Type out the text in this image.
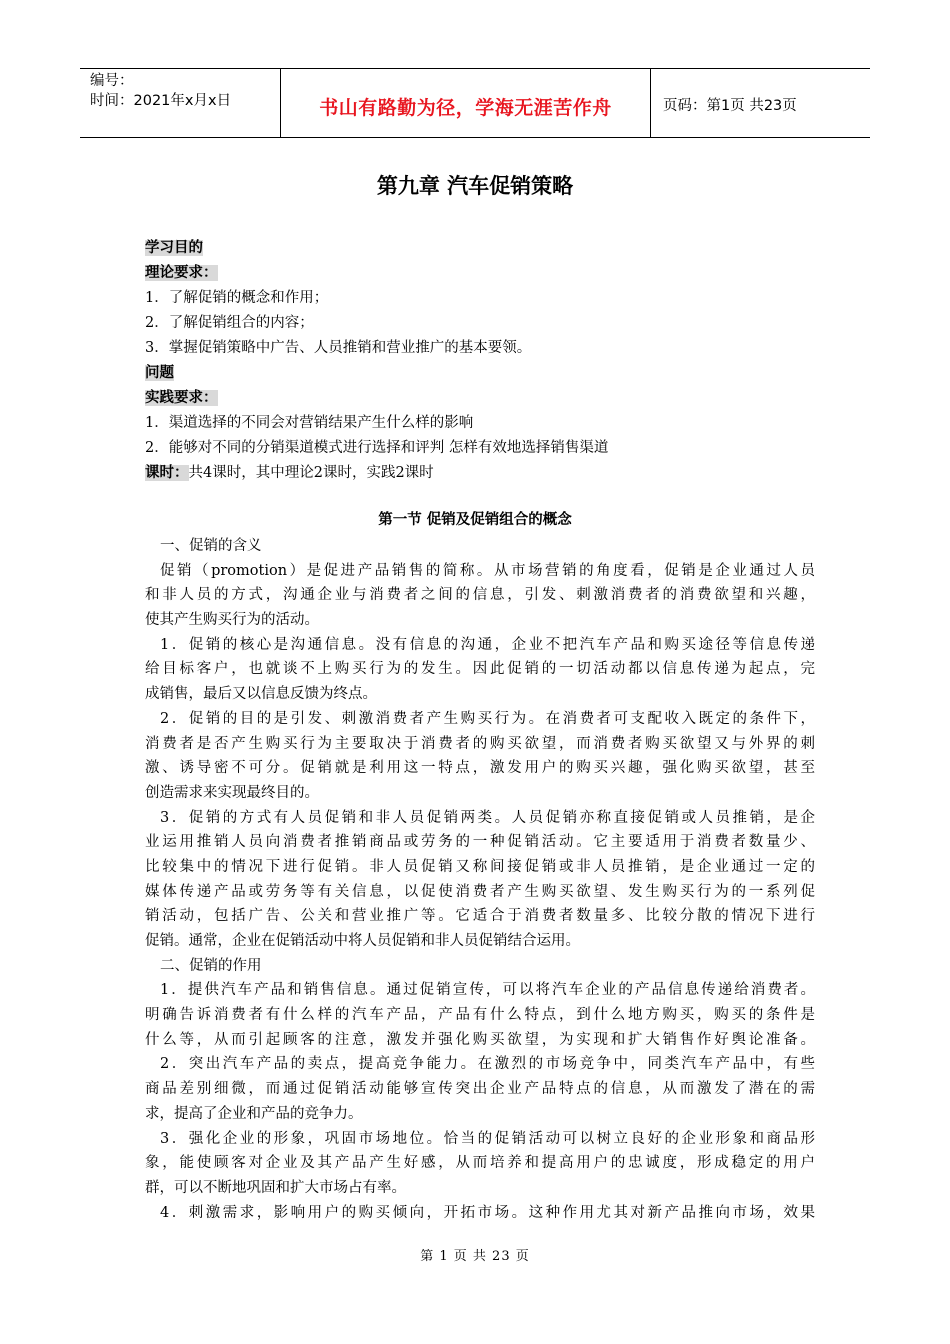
编号：
时间：2021年x月x日	书山有路勤为径，学海无涯苦作舟	页码：第1页 共23页
第九章 汽车促销策略
学习目的
理论要求：
1．了解促销的概念和作用；
2．了解促销组合的内容；
3．掌握促销策略中广告、人员推销和营业推广的基本要领。
问题
实践要求：
1．渠道选择的不同会对营销结果产生什么样的影响
2．能够对不同的分销渠道模式进行选择和评判 怎样有效地选择销售渠道
课时：共4课时，其中理论2课时，实践2课时
第一节 促销及促销组合的概念
一、促销的含义
促销（promotion）是促进产品销售的简称。从市场营销的角度看，促销是企业通过人员
和非人员的方式，沟通企业与消费者之间的信息，引发、刺激消费者的消费欲望和兴趣，
使其产生购买行为的活动。
1．促销的核心是沟通信息。没有信息的沟通，企业不把汽车产品和购买途径等信息传递
给目标客户，也就谈不上购买行为的发生。因此促销的一切活动都以信息传递为起点，完
成销售，最后又以信息反馈为终点。
2．促销的目的是引发、刺激消费者产生购买行为。在消费者可支配收入既定的条件下，
消费者是否产生购买行为主要取决于消费者的购买欲望，而消费者购买欲望又与外界的刺
激、诱导密不可分。促销就是利用这一特点，激发用户的购买兴趣，强化购买欲望，甚至
创造需求来实现最终目的。
3．促销的方式有人员促销和非人员促销两类。人员促销亦称直接促销或人员推销，是企
业运用推销人员向消费者推销商品或劳务的一种促销活动。它主要适用于消费者数量少、
比较集中的情况下进行促销。非人员促销又称间接促销或非人员推销，是企业通过一定的
媒体传递产品或劳务等有关信息，以促使消费者产生购买欲望、发生购买行为的一系列促
销活动，包括广告、公关和营业推广等。它适合于消费者数量多、比较分散的情况下进行
促销。通常，企业在促销活动中将人员促销和非人员促销结合运用。
二、促销的作用
1．提供汽车产品和销售信息。通过促销宣传，可以将汽车企业的产品信息传递给消费者。
明确告诉消费者有什么样的汽车产品，产品有什么特点，到什么地方购买，购买的条件是
什么等，从而引起顾客的注意，激发并强化购买欲望，为实现和扩大销售作好舆论准备。
2．突出汽车产品的卖点，提高竞争能力。在激烈的市场竞争中，同类汽车产品中，有些
商品差别细微，而通过促销活动能够宣传突出企业产品特点的信息，从而激发了潜在的需
求，提高了企业和产品的竞争力。
3．强化企业的形象，巩固市场地位。恰当的促销活动可以树立良好的企业形象和商品形
象，能使顾客对企业及其产品产生好感，从而培养和提高用户的忠诚度，形成稳定的用户
群，可以不断地巩固和扩大市场占有率。
4．刺激需求，影响用户的购买倾向，开拓市场。这种作用尤其对新产品推向市场，效果
第 1 页 共 23 页
